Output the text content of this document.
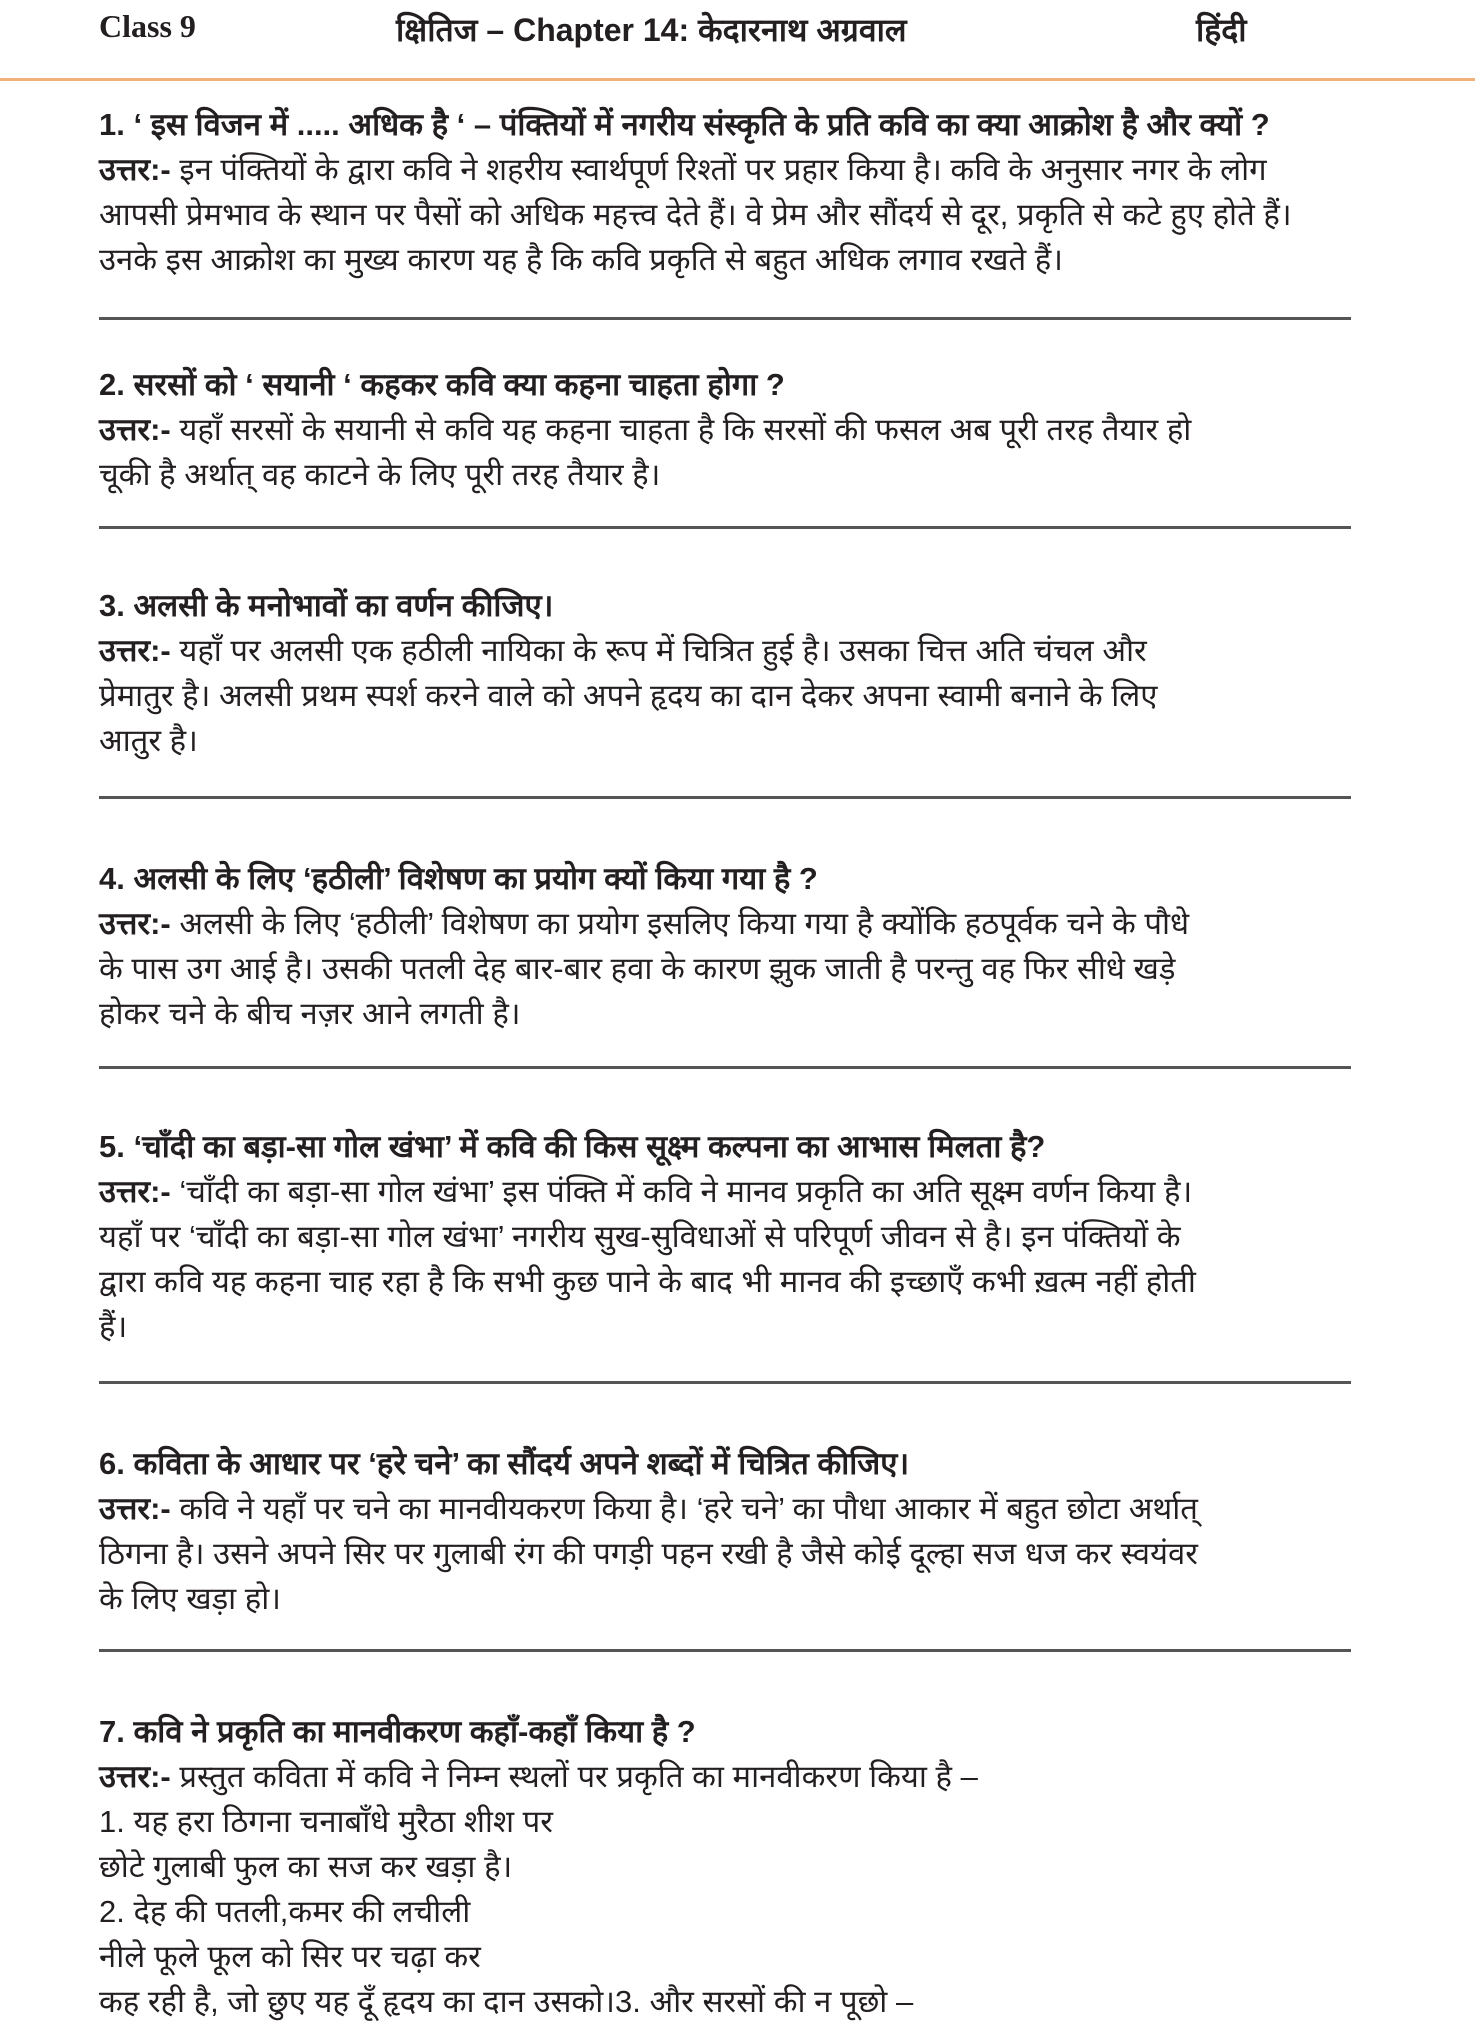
Class 9	क्षितिज – Chapter 14: केदारनाथ अग्रवाल	हिंदी
1. ‘ इस विजन में ..... अधिक है ‘ – पंक्तियों में नगरीय संस्कृति के प्रति कवि का क्या आक्रोश है और क्यों ?
उत्तर:- इन पंक्तियों के द्वारा कवि ने शहरीय स्वार्थपूर्ण रिश्तों पर प्रहार किया है। कवि के अनुसार नगर के लोग
आपसी प्रेमभाव के स्थान पर पैसों को अधिक महत्त्व देते हैं। वे प्रेम और सौंदर्य से दूर, प्रकृति से कटे हुए होते हैं।
उनके इस आक्रोश का मुख्य कारण यह है कि कवि प्रकृति से बहुत अधिक लगाव रखते हैं।
2. सरसों को ‘ सयानी ‘ कहकर कवि क्या कहना चाहता होगा ?
उत्तर:- यहाँ सरसों के सयानी से कवि यह कहना चाहता है कि सरसों की फसल अब पूरी तरह तैयार हो
चूकी है अर्थात् वह काटने के लिए पूरी तरह तैयार है।
3. अलसी के मनोभावों का वर्णन कीजिए।
उत्तर:- यहाँ पर अलसी एक हठीली नायिका के रूप में चित्रित हुई है। उसका चित्त अति चंचल और
प्रेमातुर है। अलसी प्रथम स्पर्श करने वाले को अपने हृदय का दान देकर अपना स्वामी बनाने के लिए
आतुर है।
4. अलसी के लिए ‘हठीली’ विशेषण का प्रयोग क्यों किया गया है ?
उत्तर:- अलसी के लिए ‘हठीली’ विशेषण का प्रयोग इसलिए किया गया है क्योंकि हठपूर्वक चने के पौधे
के पास उग आई है। उसकी पतली देह बार-बार हवा के कारण झुक जाती है परन्तु वह फिर सीधे खड़े
होकर चने के बीच नज़र आने लगती है।
5. ‘चाँदी का बड़ा-सा गोल खंभा’ में कवि की किस सूक्ष्म कल्पना का आभास मिलता है?
उत्तर:- ‘चाँदी का बड़ा-सा गोल खंभा’ इस पंक्ति में कवि ने मानव प्रकृति का अति सूक्ष्म वर्णन किया है।
यहाँ पर ‘चाँदी का बड़ा-सा गोल खंभा’ नगरीय सुख-सुविधाओं से परिपूर्ण जीवन से है। इन पंक्तियों के
द्वारा कवि यह कहना चाह रहा है कि सभी कुछ पाने के बाद भी मानव की इच्छाएँ कभी ख़त्म नहीं होती
हैं।
6. कविता के आधार पर ‘हरे चने’ का सौंदर्य अपने शब्दों में चित्रित कीजिए।
उत्तर:- कवि ने यहाँ पर चने का मानवीयकरण किया है। ‘हरे चने’ का पौधा आकार में बहुत छोटा अर्थात्
ठिगना है। उसने अपने सिर पर गुलाबी रंग की पगड़ी पहन रखी है जैसे कोई दूल्हा सज धज कर स्वयंवर
के लिए खड़ा हो।
7. कवि ने प्रकृति का मानवीकरण कहाँ-कहाँ किया है ?
उत्तर:- प्रस्तुत कविता में कवि ने निम्न स्थलों पर प्रकृति का मानवीकरण किया है –
1. यह हरा ठिगना चनाबाँधे मुरैठा शीश पर
छोटे गुलाबी फुल का सज कर खड़ा है।
2. देह की पतली,कमर की लचीली
नीले फूले फूल को सिर पर चढ़ा कर
कह रही है, जो छुए यह दूँ हृदय का दान उसको।3. और सरसों की न पूछो –
